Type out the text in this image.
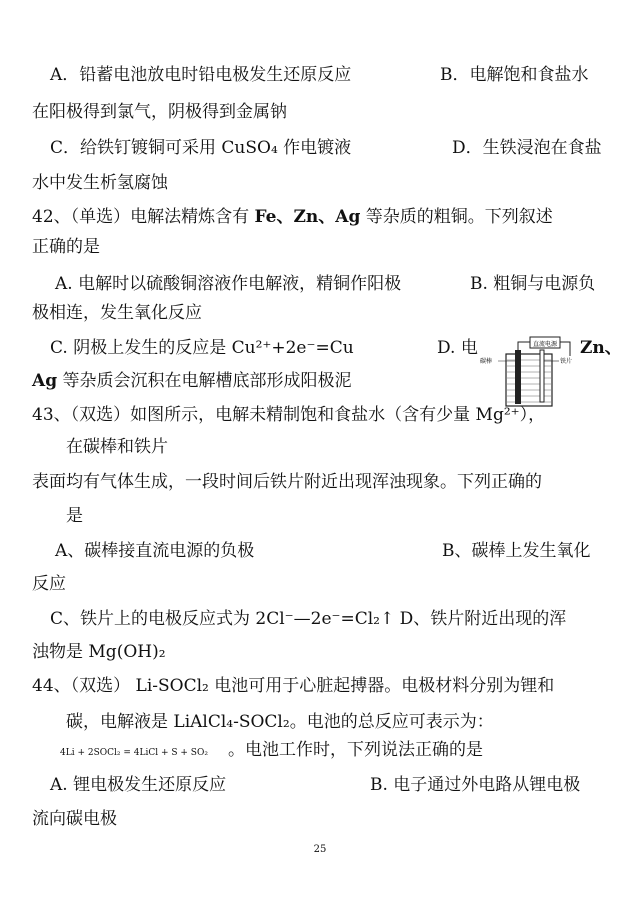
A．铅蓄电池放电时铅电极发生还原反应	B．电解饱和食盐水
在阳极得到氯气，阴极得到金属钠
C．给铁钉镀铜可采用 CuSO₄ 作电镀液	D．生铁浸泡在食盐
水中发生析氢腐蚀
42、（单选）电解法精炼含有 Fe、Zn、Ag 等杂质的粗铜。下列叙述
正确的是
A. 电解时以硫酸铜溶液作电解液，精铜作阳极	B. 粗铜与电源负
极相连，发生氧化反应
C. 阴极上发生的反应是 Cu²⁺+2e⁻=Cu	D. 电	Zn、
Ag 等杂质会沉积在电解槽底部形成阳极泥
直流电源
碳棒	铁片
43、（双选）如图所示，电解未精制饱和食盐水（含有少量 Mg²⁺），
在碳棒和铁片
表面均有气体生成，一段时间后铁片附近出现浑浊现象。下列正确的
是
A、碳棒接直流电源的负极	B、碳棒上发生氧化
反应
C、铁片上的电极反应式为 2Cl⁻—2e⁻=Cl₂↑ D、铁片附近出现的浑
浊物是 Mg(OH)₂
44、（双选） Li-SOCl₂ 电池可用于心脏起搏器。电极材料分别为锂和
碳，电解液是 LiAlCl₄-SOCl₂。电池的总反应可表示为：
4Li + 2SOCl₂ = 4LiCl + S + SO₂ 。电池工作时，下列说法正确的是
A. 锂电极发生还原反应	B. 电子通过外电路从锂电极
流向碳电极
25
